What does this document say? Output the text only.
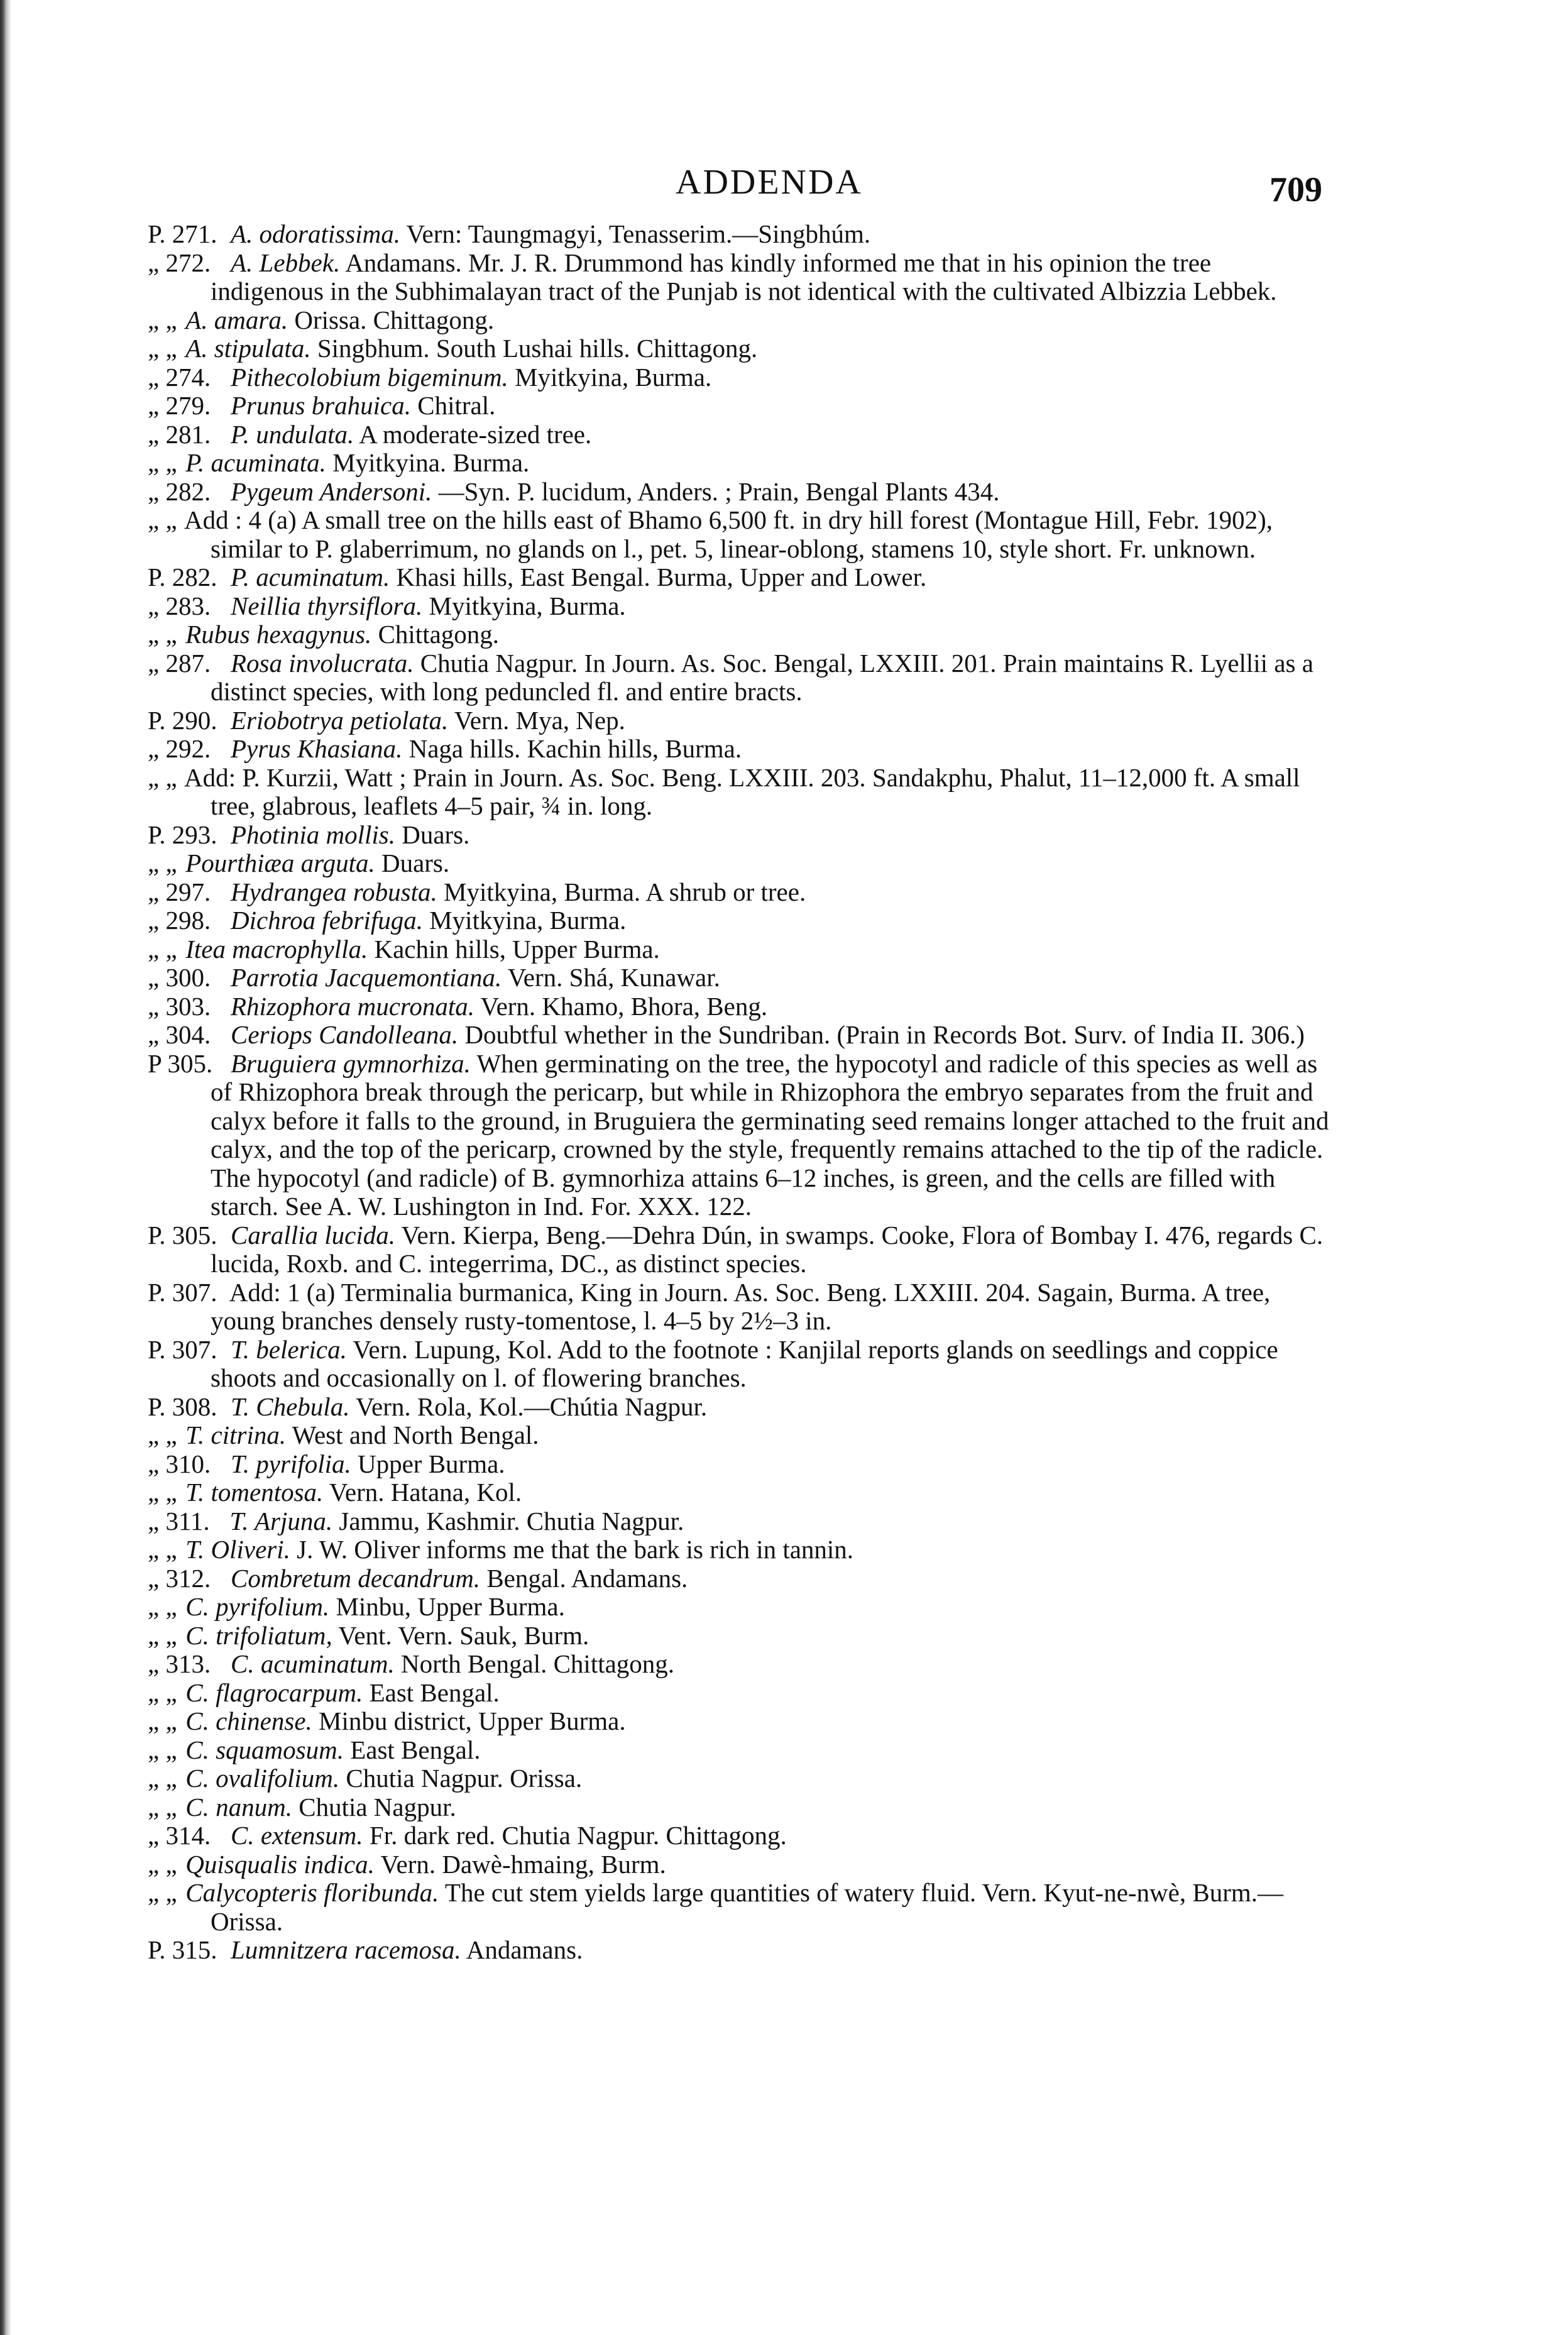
ADDENDA	709

P. 271. A. odoratissima. Vern: Taungmagyi, Tenasserim.—Singbhúm.

„ 272. A. Lebbek. Andamans. Mr. J. R. Drummond has kindly informed me that in his opinion the tree indigenous in the Subhimalayan tract of the Punjab is not identical with the cultivated Albizzia Lebbek.

„ „ A. amara. Orissa. Chittagong.

„ „ A. stipulata. Singbhum. South Lushai hills. Chittagong.

„ 274. Pithecolobium bigeminum. Myitkyina, Burma.

„ 279. Prunus brahuica. Chitral.

„ 281. P. undulata. A moderate-sized tree.

„ „ P. acuminata. Myitkyina. Burma.

„ 282. Pygeum Andersoni. —Syn. P. lucidum, Anders. ; Prain, Bengal Plants 434.

„ „ Add : 4 (a) A small tree on the hills east of Bhamo 6,500 ft. in dry hill forest (Montague Hill, Febr. 1902), similar to P. glaberrimum, no glands on l., pet. 5, linear-oblong, stamens 10, style short. Fr. unknown.

P. 282. P. acuminatum. Khasi hills, East Bengal. Burma, Upper and Lower.

„ 283. Neillia thyrsiflora. Myitkyina, Burma.

„ „ Rubus hexagynus. Chittagong.

„ 287. Rosa involucrata. Chutia Nagpur. In Journ. As. Soc. Bengal, LXXIII. 201. Prain maintains R. Lyellii as a distinct species, with long peduncled fl. and entire bracts.

P. 290. Eriobotrya petiolata. Vern. Mya, Nep.

„ 292. Pyrus Khasiana. Naga hills. Kachin hills, Burma.

„ „ Add: P. Kurzii, Watt ; Prain in Journ. As. Soc. Beng. LXXIII. 203. Sandakphu, Phalut, 11–12,000 ft. A small tree, glabrous, leaflets 4–5 pair, ¾ in. long.

P. 293. Photinia mollis. Duars.

„ „ Pourthiæa arguta. Duars.

„ 297. Hydrangea robusta. Myitkyina, Burma. A shrub or tree.

„ 298. Dichroa febrifuga. Myitkyina, Burma.

„ „ Itea macrophylla. Kachin hills, Upper Burma.

„ 300. Parrotia Jacquemontiana. Vern. Shá, Kunawar.

„ 303. Rhizophora mucronata. Vern. Khamo, Bhora, Beng.

„ 304. Ceriops Candolleana. Doubtful whether in the Sundriban. (Prain in Records Bot. Surv. of India II. 306.)

P 305. Bruguiera gymnorhiza. When germinating on the tree, the hypocotyl and radicle of this species as well as of Rhizophora break through the pericarp, but while in Rhizophora the embryo separates from the fruit and calyx before it falls to the ground, in Bruguiera the germinating seed remains longer attached to the fruit and calyx, and the top of the pericarp, crowned by the style, frequently remains attached to the tip of the radicle. The hypocotyl (and radicle) of B. gymnorhiza attains 6–12 inches, is green, and the cells are filled with starch. See A. W. Lushington in Ind. For. XXX. 122.

P. 305. Carallia lucida. Vern. Kierpa, Beng.—Dehra Dún, in swamps. Cooke, Flora of Bombay I. 476, regards C. lucida, Roxb. and C. integerrima, DC., as distinct species.

P. 307. Add: 1 (a) Terminalia burmanica, King in Journ. As. Soc. Beng. LXXIII. 204. Sagain, Burma. A tree, young branches densely rusty-tomentose, l. 4–5 by 2½–3 in.

P. 307. T. belerica. Vern. Lupung, Kol. Add to the footnote : Kanjilal reports glands on seedlings and coppice shoots and occasionally on l. of flowering branches.

P. 308. T. Chebula. Vern. Rola, Kol.—Chútia Nagpur.

„ „ T. citrina. West and North Bengal.

„ 310. T. pyrifolia. Upper Burma.

„ „ T. tomentosa. Vern. Hatana, Kol.

„ 311. T. Arjuna. Jammu, Kashmir. Chutia Nagpur.

„ „ T. Oliveri. J. W. Oliver informs me that the bark is rich in tannin.

„ 312. Combretum decandrum. Bengal. Andamans.

„ „ C. pyrifolium. Minbu, Upper Burma.

„ „ C. trifoliatum, Vent. Vern. Sauk, Burm.

„ 313. C. acuminatum. North Bengal. Chittagong.

„ „ C. flagrocarpum. East Bengal.

„ „ C. chinense. Minbu district, Upper Burma.

„ „ C. squamosum. East Bengal.

„ „ C. ovalifolium. Chutia Nagpur. Orissa.

„ „ C. nanum. Chutia Nagpur.

„ 314. C. extensum. Fr. dark red. Chutia Nagpur. Chittagong.

„ „ Quisqualis indica. Vern. Dawè-hmaing, Burm.

„ „ Calycopteris floribunda. The cut stem yields large quantities of watery fluid. Vern. Kyut-ne-nwè, Burm.—Orissa.

P. 315. Lumnitzera racemosa. Andamans.
